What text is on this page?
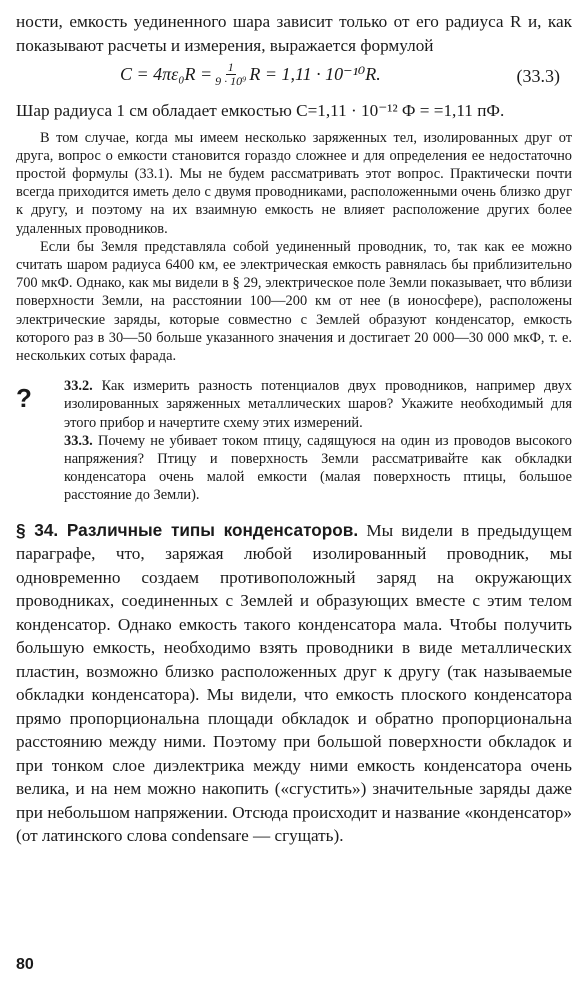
ности, емкость уединенного шара зависит только от его радиуса R и, как показывают расчеты и измерения, выражается формулой

$C = 4\pi\varepsilon_0R = \frac{1}{\text{9 · 10⁹}}$ R = 1,11 · 10⁻¹⁰R.	(33.3)

Шар радиуса 1 см обладает емкостью C=1,11 · 10⁻¹² Ф = =1,11 пФ.

В том случае, когда мы имеем несколько заряженных тел, изолированных друг от друга, вопрос о емкости становится гораздо сложнее и для определения ее недостаточно простой формулы (33.1). Мы не будем рассматривать этот вопрос. Практически почти всегда приходится иметь дело с двумя проводниками, расположенными очень близко друг к другу, и поэтому на их взаимную емкость не влияет расположение других более удаленных проводников.

Если бы Земля представляла собой уединенный проводник, то, так как ее можно считать шаром радиуса 6400 км, ее электрическая емкость равнялась бы приблизительно 700 мкФ. Однако, как мы видели в § 29, электрическое поле Земли показывает, что вблизи поверхности Земли, на расстоянии 100—200 км от нее (в ионосфере), расположены электрические заряды, которые совместно с Землей образуют конденсатор, емкость которого раз в 30—50 больше указанного значения и достигает 20 000—30 000 мкФ, т. е. нескольких сотых фарада.

? 33.2. Как измерить разность потенциалов двух проводников, например двух изолированных заряженных металлических шаров? Укажите необходимый для этого прибор и начертите схему этих измерений.

33.3. Почему не убивает током птицу, садящуюся на один из проводов высокого напряжения? Птицу и поверхность Земли рассматривайте как обкладки конденсатора очень малой емкости (малая поверхность птицы, большое расстояние до Земли).

§ 34. Различные типы конденсаторов. Мы видели в предыдущем параграфе, что, заряжая любой изолированный проводник, мы одновременно создаем противоположный заряд на окружающих проводниках, соединенных с Землей и образующих вместе с этим телом конденсатор. Однако емкость такого конденсатора мала. Чтобы получить большую емкость, необходимо взять проводники в виде металлических пластин, возможно близко расположенных друг к другу (так называемые обкладки конденсатора). Мы видели, что емкость плоского конденсатора прямо пропорциональна площади обкладок и обратно пропорциональна расстоянию между ними. Поэтому при большой поверхности обкладок и при тонком слое диэлектрика между ними емкость конденсатора очень велика, и на нем можно накопить («сгустить») значительные заряды даже при небольшом напряжении. Отсюда происходит и название «конденсатор» (от латинского слова condensare — сгущать).

80
